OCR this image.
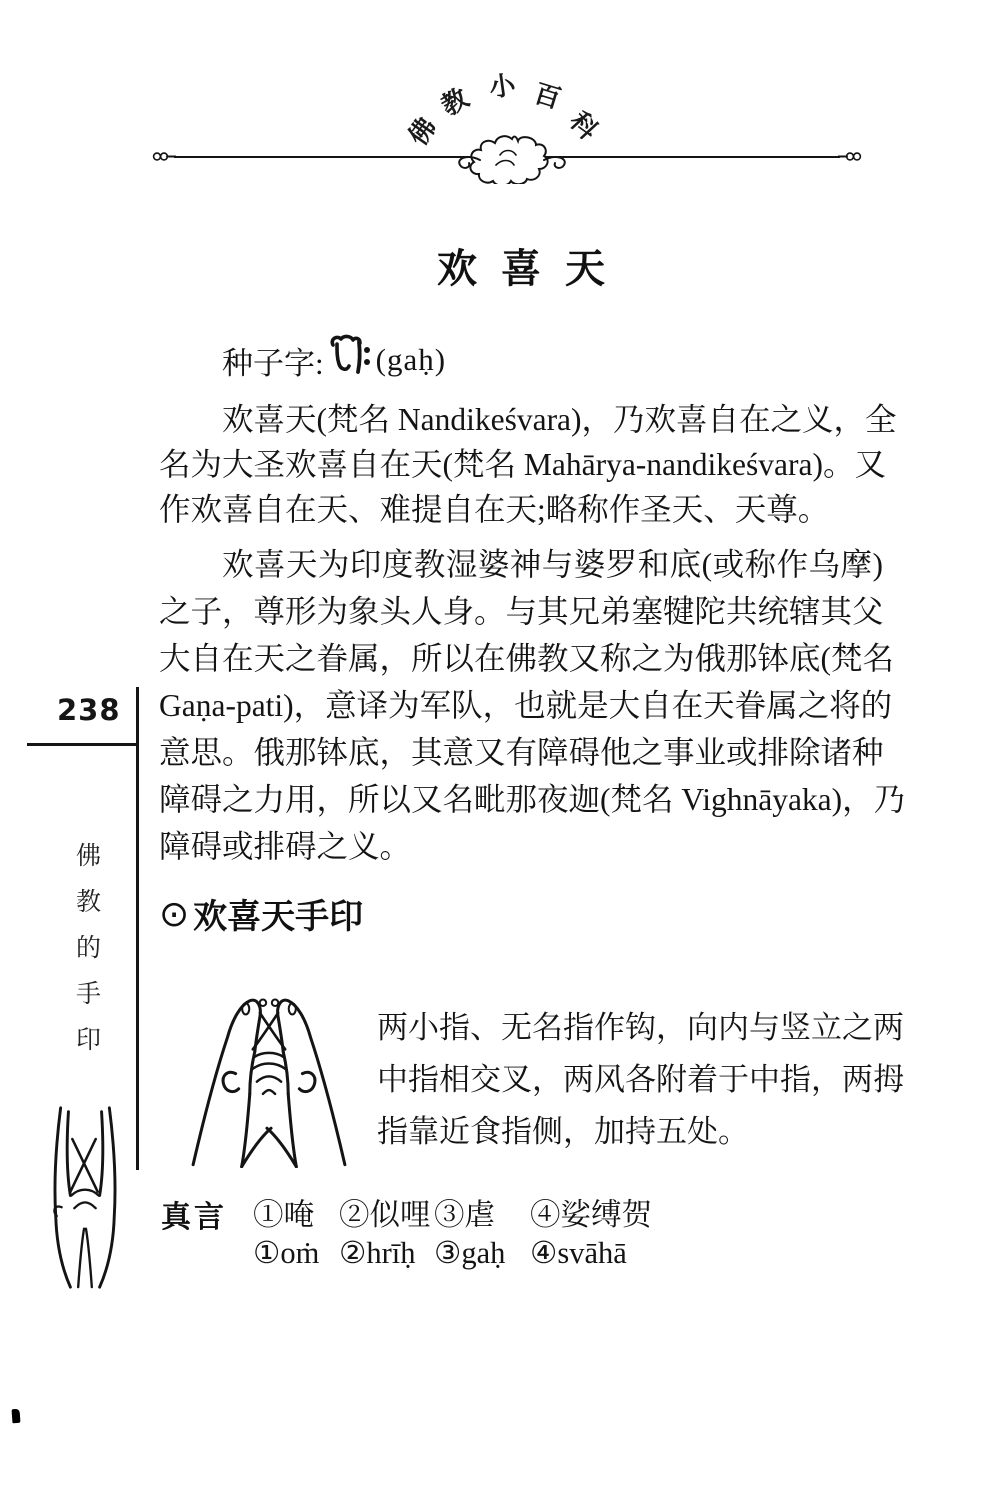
佛
教 小 百
科
欢喜天
种子字: (gaḥ)
欢喜天(梵名 Nandikeśvara)，乃欢喜自在之义，全
名为大圣欢喜自在天(梵名 Mahārya-nandikeśvara)。又
作欢喜自在天、难提自在天;略称作圣天、天尊。
欢喜天为印度教湿婆神与婆罗和底(或称作乌摩)
之子，尊形为象头人身。与其兄弟塞犍陀共统辖其父
大自在天之眷属，所以在佛教又称之为俄那钵底(梵名
Gaṇa-pati)，意译为军队，也就是大自在天眷属之将的
意思。俄那钵底，其意又有障碍他之事业或排除诸种
障碍之力用，所以又名毗那夜迦(梵名 Vighnāyaka)，乃
障碍或排碍之义。
⊙ 欢喜天手印
两小指、无名指作钩，向内与竖立之两
中指相交叉，两风各附着于中指，两拇
指靠近食指侧，加持五处。
真言 ①唵 ②似哩 ③虐	④娑缚贺
①oṁ ②hrīḥ ③gaḥ ④svāhā
238
佛
教
的
手
印
